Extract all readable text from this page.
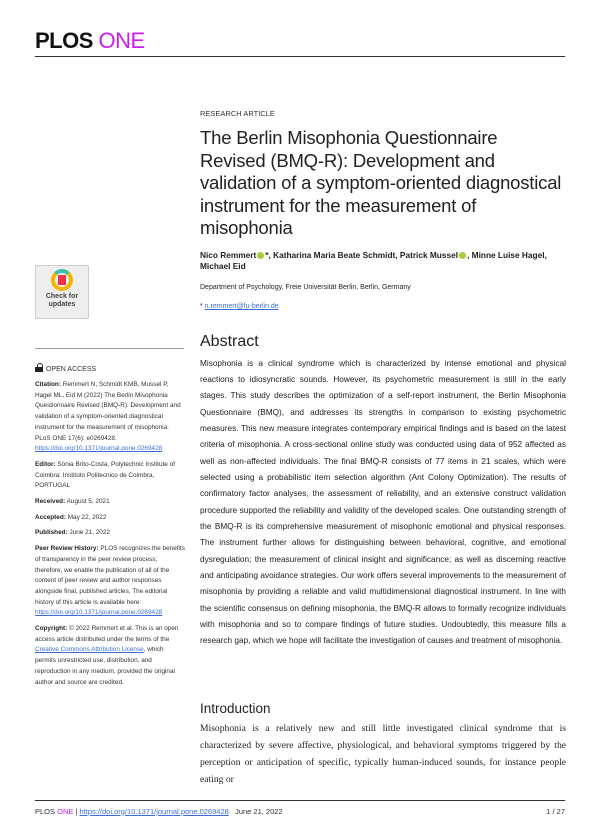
PLOS ONE
Check for updates
OPEN ACCESS
Citation: Remmert N, Schmidt KMB, Mussel P, Hagel ML, Eid M (2022) The Berlin Misophonia Questionnaire Revised (BMQ-R): Development and validation of a symptom-oriented diagnostical instrument for the measurement of misophonia. PLoS ONE 17(6): e0269428. https://doi.org/10.1371/journal.pone.0269428
Editor: Sónia Brito-Costa, Polytechnic Institute of Coimbra: Instituto Politecnico de Coimbra, PORTUGAL
Received: August 5, 2021
Accepted: May 22, 2022
Published: June 21, 2022
Peer Review History: PLOS recognizes the benefits of transparency in the peer review process; therefore, we enable the publication of all of the content of peer review and author responses alongside final, published articles. The editorial history of this article is available here: https://doi.org/10.1371/journal.pone.0269428
Copyright: © 2022 Remmert et al. This is an open access article distributed under the terms of the Creative Commons Attribution License, which permits unrestricted use, distribution, and reproduction in any medium, provided the original author and source are credited.
RESEARCH ARTICLE
The Berlin Misophonia Questionnaire Revised (BMQ-R): Development and validation of a symptom-oriented diagnostical instrument for the measurement of misophonia
Nico Remmert *, Katharina Maria Beate Schmidt, Patrick Mussel , Minne Luise Hagel, Michael Eid
Department of Psychology, Freie Universität Berlin, Berlin, Germany
* n.remmert@fu-berlin.de
Abstract
Misophonia is a clinical syndrome which is characterized by intense emotional and physical reactions to idiosyncratic sounds. However, its psychometric measurement is still in the early stages. This study describes the optimization of a self-report instrument, the Berlin Misophonia Questionnaire (BMQ), and addresses its strengths in comparison to existing psychometric measures. This new measure integrates contemporary empirical findings and is based on the latest criteria of misophonia. A cross-sectional online study was conducted using data of 952 affected as well as non-affected individuals. The final BMQ-R consists of 77 items in 21 scales, which were selected using a probabilistic item selection algorithm (Ant Colony Optimization). The results of confirmatory factor analyses, the assessment of reliability, and an extensive construct validation procedure supported the reliability and validity of the developed scales. One outstanding strength of the BMQ-R is its comprehensive measurement of misophonic emotional and physical responses. The instrument further allows for distinguishing between behavioral, cognitive, and emotional dysregulation; the measurement of clinical insight and significance; as well as discerning reactive and anticipating avoidance strategies. Our work offers several improvements to the measurement of misophonia by providing a reliable and valid multidimensional diagnostical instrument. In line with the scientific consensus on defining misophonia, the BMQ-R allows to formally recognize individuals with misophonia and so to compare findings of future studies. Undoubtedly, this measure fills a research gap, which we hope will facilitate the investigation of causes and treatment of misophonia.
Introduction
Misophonia is a relatively new and still little investigated clinical syndrome that is characterized by severe affective, physiological, and behavioral symptoms triggered by the perception or anticipation of specific, typically human-induced sounds, for instance people eating or
PLOS ONE | https://doi.org/10.1371/journal.pone.0269428 June 21, 2022	1 / 27
